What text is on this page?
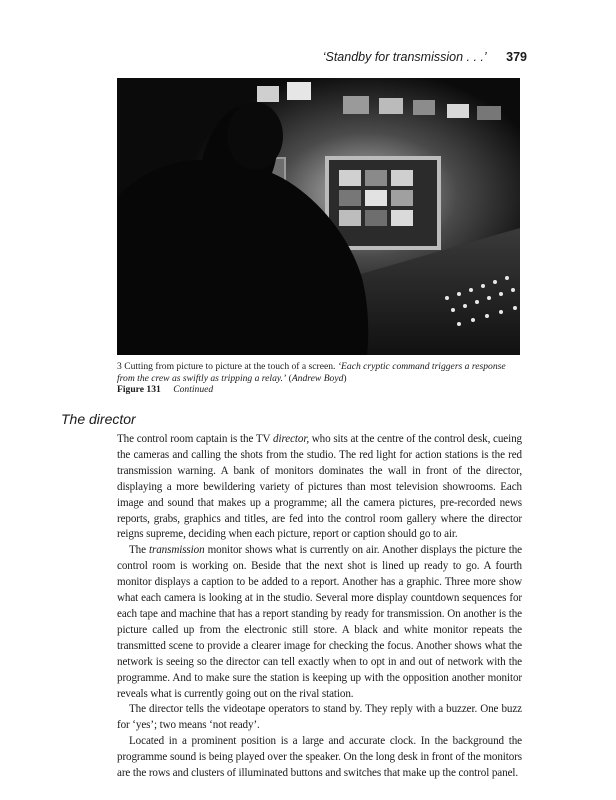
‘Standby for transmission . . .’ 379
3 Cutting from picture to picture at the touch of a screen. ‘Each cryptic command triggers a response from the crew as swiftly as tripping a relay.’ (Andrew Boyd)
Figure 131 Continued
The director

The control room captain is the TV director, who sits at the centre of the control desk, cueing the cameras and calling the shots from the studio. The red light for action stations is the red transmission warning. A bank of monitors dominates the wall in front of the director, displaying a more bewildering variety of pictures than most television showrooms. Each image and sound that makes up a programme; all the camera pictures, pre-recorded news reports, grabs, graphics and titles, are fed into the control room gallery where the director reigns supreme, deciding when each picture, report or caption should go to air.

The transmission monitor shows what is currently on air. Another displays the picture the control room is working on. Beside that the next shot is lined up ready to go. A fourth monitor displays a caption to be added to a report. Another has a graphic. Three more show what each camera is looking at in the studio. Several more display countdown sequences for each tape and machine that has a report standing by ready for transmission. On another is the picture called up from the electronic still store. A black and white monitor repeats the transmitted scene to provide a clearer image for checking the focus. Another shows what the network is seeing so the director can tell exactly when to opt in and out of network with the programme. And to make sure the station is keeping up with the opposition another monitor reveals what is currently going out on the rival station.

The director tells the videotape operators to stand by. They reply with a buzzer. One buzz for ‘yes’; two means ‘not ready’.

Located in a prominent position is a large and accurate clock. In the background the programme sound is being played over the speaker. On the long desk in front of the monitors are the rows and clusters of illuminated buttons and switches that make up the control panel.
